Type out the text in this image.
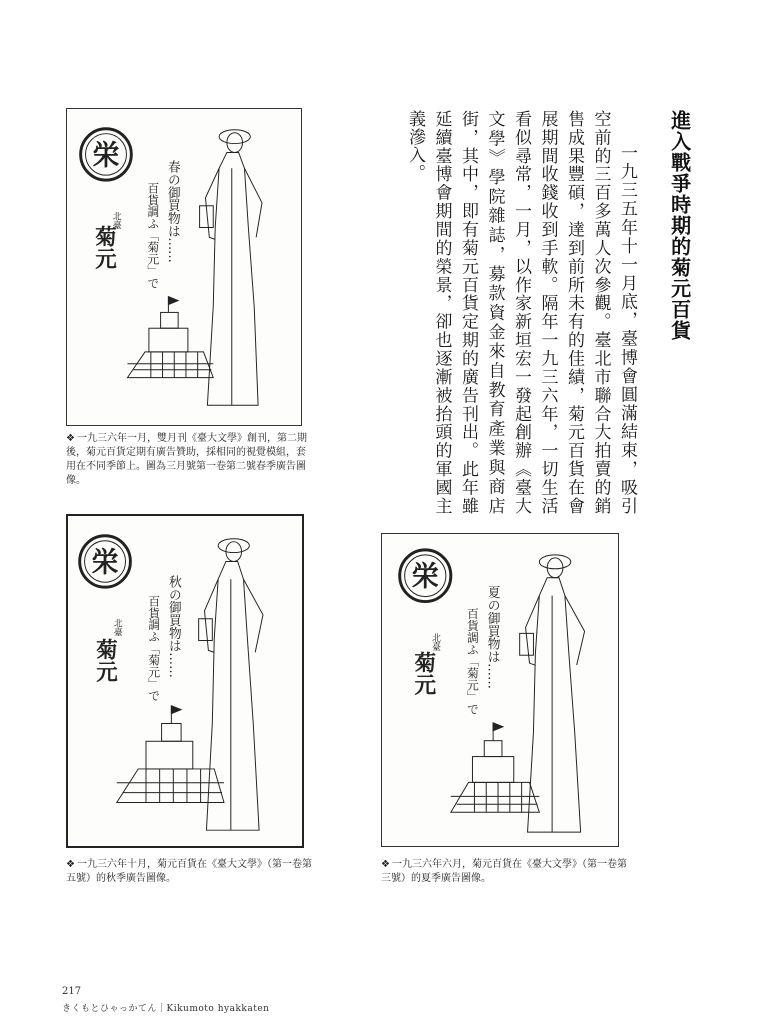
栄
春の御買物は……
百貨調ふ「菊元」で
北臺
菊元

❖ 一九三六年一月，雙月刊《臺大文學》創刊，第二期後，菊元百貨定期有廣告贊助，採相同的視覺模組，套用在不同季節上。圖為三月號第一卷第二號春季廣告圖像。

栄
秋の御買物は……
百貨調ふ「菊元」で
北臺
菊元

❖ 一九三六年十月，菊元百貨在《臺大文學》（第一卷第五號）的秋季廣告圖像。

栄
夏の御買物は……
百貨調ふ「菊元」で
北臺
菊元

❖ 一九三六年六月，菊元百貨在《臺大文學》（第一卷第三號）的夏季廣告圖像。

進入戰爭時期的菊元百貨

一九三五年十一月底，臺博會圓滿結束，吸引空前的三百多萬人次參觀。臺北市聯合大拍賣的銷售成果豐碩，達到前所未有的佳績，菊元百貨在會展期間收錢收到手軟。隔年一九三六年，一切生活看似尋常，一月，以作家新垣宏一發起創辦《臺大文學》學院雜誌，募款資金來自教育產業與商店街，其中，即有菊元百貨定期的廣告刊出。此年雖延續臺博會期間的榮景，卻也逐漸被抬頭的軍國主義滲入。

217
きくもとひゃっかてん｜Kikumoto hyakkaten
